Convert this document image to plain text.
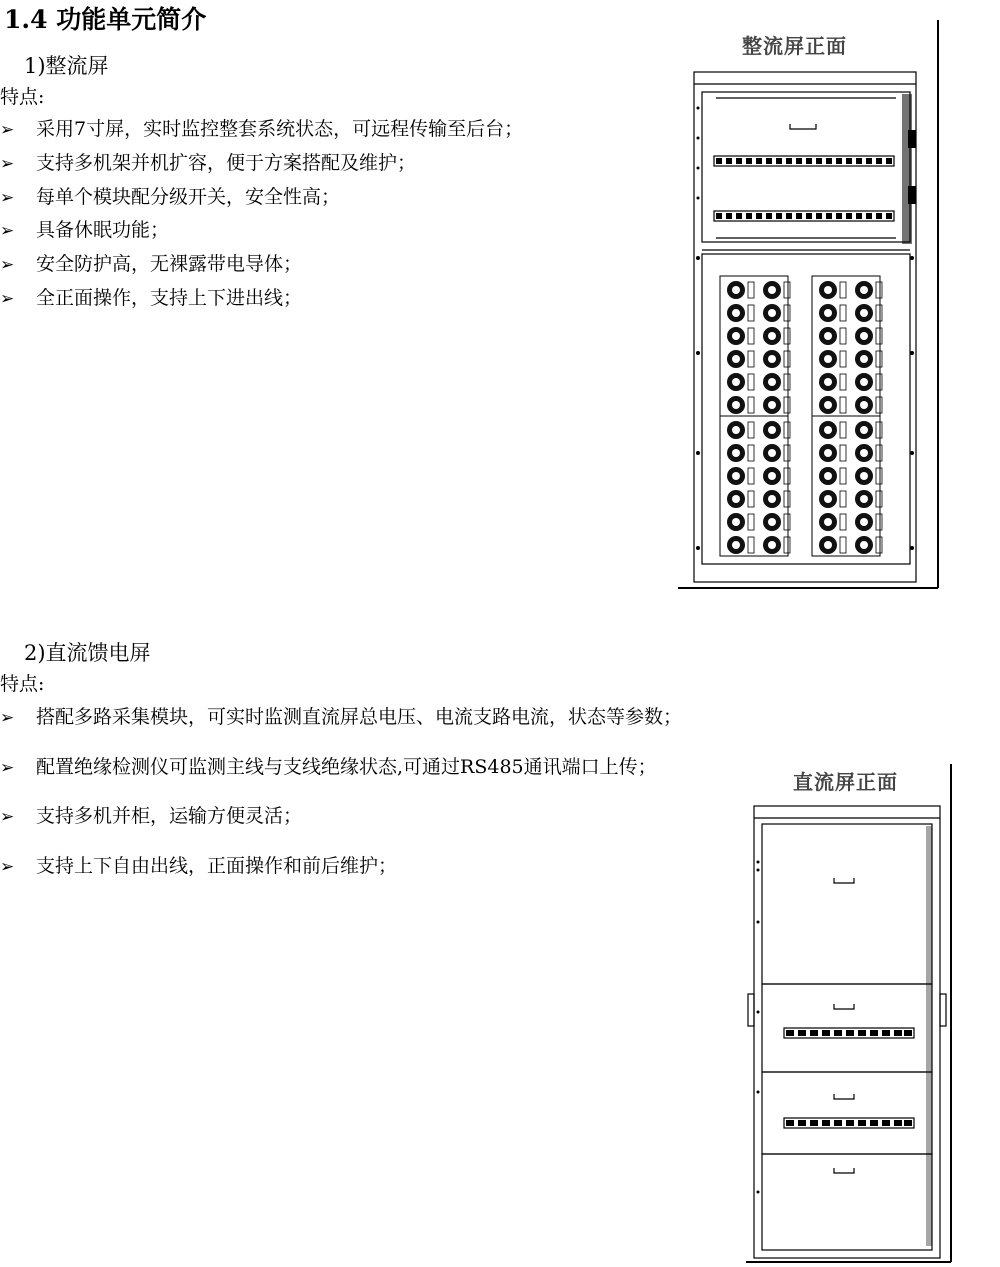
1.4 功能单元简介
1)整流屏
特点:
➢ 采用7寸屏，实时监控整套系统状态，可远程传输至后台；
➢ 支持多机架并机扩容，便于方案搭配及维护；
➢ 每单个模块配分级开关，安全性高；
➢ 具备休眠功能；
➢ 安全防护高，无裸露带电导体；
➢ 全正面操作，支持上下进出线；
整流屏正面
2)直流馈电屏
特点:
➢ 搭配多路采集模块，可实时监测直流屏总电压、电流支路电流，状态等参数；
➢ 配置绝缘检测仪可监测主线与支线绝缘状态,可通过RS485通讯端口上传；
➢ 支持多机并柜，运输方便灵活；
➢ 支持上下自由出线，正面操作和前后维护；
直流屏正面
